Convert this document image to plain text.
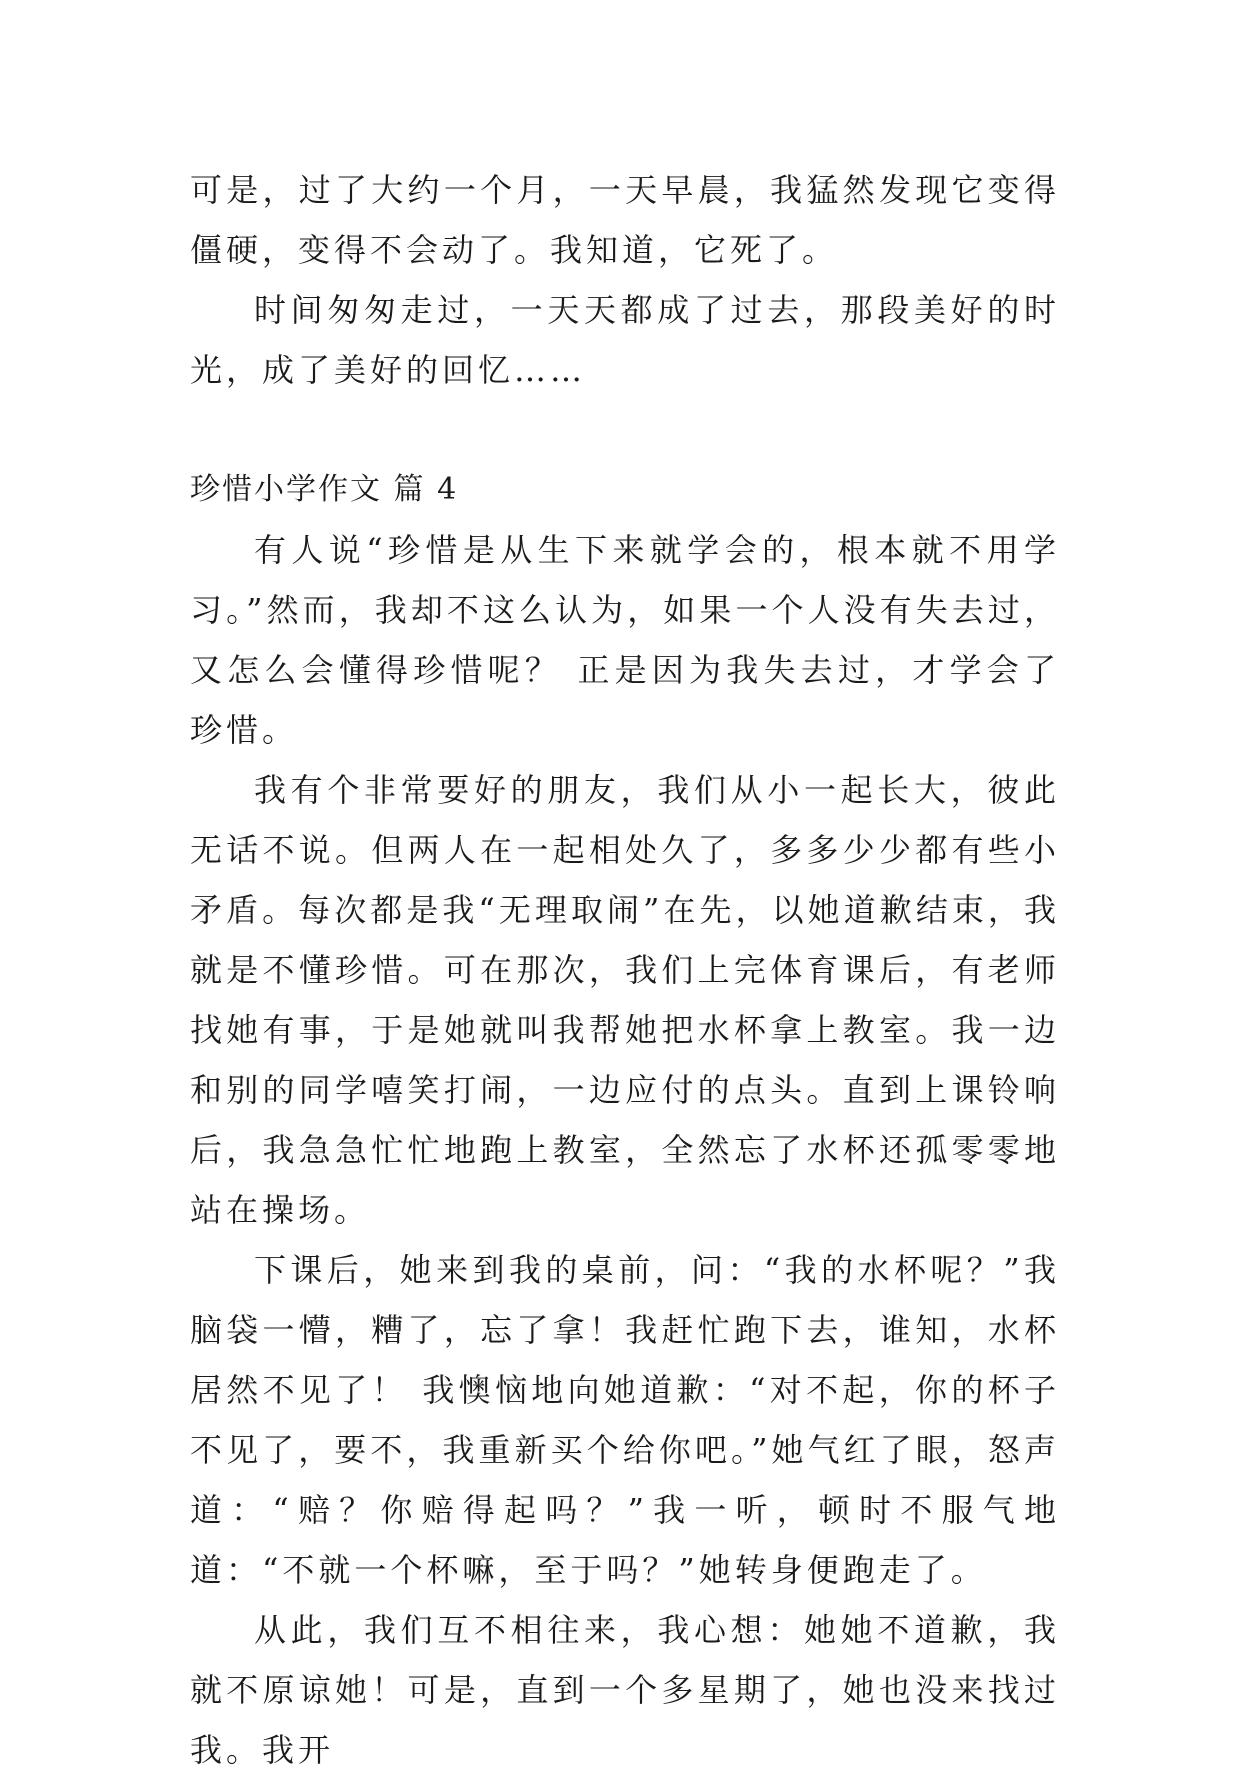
可是，过了大约一个月，一天早晨，我猛然发现它变得僵硬，变得不会动了。我知道，它死了。

时间匆匆走过，一天天都成了过去，那段美好的时光，成了美好的回忆……

珍惜小学作文 篇 4

有人说“珍惜是从生下来就学会的，根本就不用学习。”然而，我却不这么认为，如果一个人没有失去过，又怎么会懂得珍惜呢？ 正是因为我失去过，才学会了珍惜。

我有个非常要好的朋友，我们从小一起长大，彼此无话不说。但两人在一起相处久了，多多少少都有些小矛盾。每次都是我“无理取闹”在先，以她道歉结束，我就是不懂珍惜。可在那次，我们上完体育课后，有老师找她有事，于是她就叫我帮她把水杯拿上教室。我一边和别的同学嘻笑打闹，一边应付的点头。直到上课铃响后，我急急忙忙地跑上教室，全然忘了水杯还孤零零地站在操场。

下课后，她来到我的桌前，问：“我的水杯呢？”我脑袋一懵，糟了，忘了拿！我赶忙跑下去，谁知，水杯居然不见了！ 我懊恼地向她道歉：“对不起，你的杯子不见了，要不，我重新买个给你吧。”她气红了眼，怒声道：“赔？你赔得起吗？”我一听，顿时不服气地道：“不就一个杯嘛，至于吗？”她转身便跑走了。

从此，我们互不相往来，我心想：她她不道歉，我就不原谅她！可是，直到一个多星期了，她也没来找过我。我开
